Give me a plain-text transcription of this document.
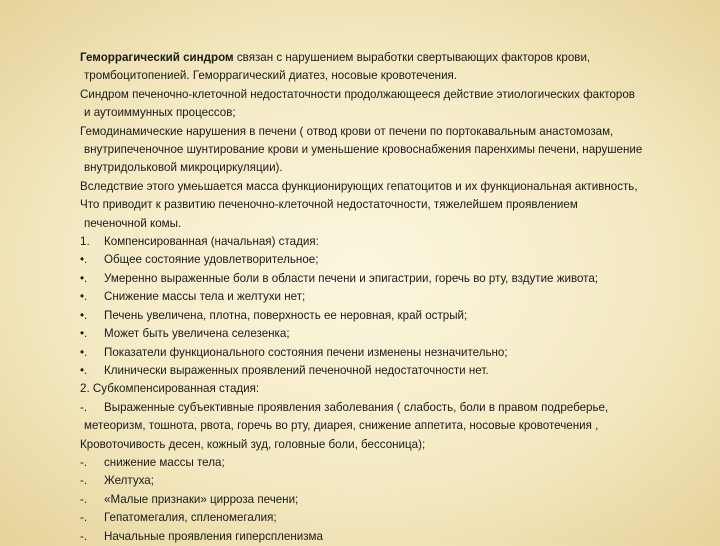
Геморрагический синдром связан с нарушением выработки свертывающих факторов крови,
тромбоцитопенией. Геморрагический диатез, носовые кровотечения.
Синдром печеночно-клеточной недостаточности продолжающееся действие этиологических факторов
и аутоиммунных процессов;
Гемодинамические нарушения в печени ( отвод крови от печени по портокавальным анастомозам,
внутрипеченочное шунтирование крови и уменьшение кровоснабжения паренхимы печени, нарушение
внутридольковой микроциркуляции).
Вследствие этого умеьшается масса функционирующих гепатоцитов и их функциональная активность,
Что приводит к развитию печеночно-клеточной недостаточности, тяжелейшем проявлением
печеночной комы.
1.	Компенсированная (начальная) стадия:
•.	Общее состояние удовлетворительное;
•.	Умеренно выраженные боли в области печени и эпигастрии, горечь во рту, вздутие живота;
•.	Снижение массы тела и желтухи нет;
•.	Печень увеличена, плотна, поверхность ее неровная, край острый;
•.	Может быть увеличена селезенка;
•.	Показатели функционального состояния печени изменены незначительно;
•.	Клинически выраженных проявлений печеночной недостаточности нет.
2. Субкомпенсированная стадия:
-.	Выраженные субъективные проявления заболевания ( слабость, боли в правом подреберье,
метеоризм, тошнота, рвота, горечь во рту, диарея, снижение аппетита, носовые кровотечения ,
Кровоточивость десен, кожный зуд, головные боли, бессоница);
-.	снижение массы тела;
-.	Желтуха;
-.	«Малые признаки» цирроза печени;
-.	Гепатомегалия, спленомегалия;
-.	Начальные проявления гиперспленизма
